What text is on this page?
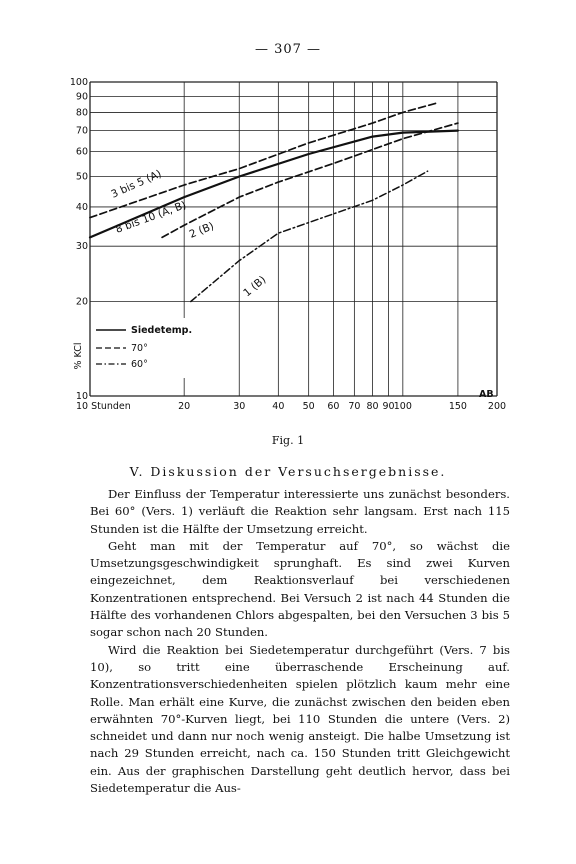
— 307 —
10 Stunden	20	30	40 50 60 70 80 90 100	150 200
10
20
30
40
50
60
70
80
90
100
3 bis 5 (A)
8 bis 10 (A, B) 2 (B)
1 (B)
Siedetemp.
70°
60°
% KCl
AB
Fig. 1
V. Diskussion der Versuchsergebnisse.

Der Einfluss der Temperatur interessierte uns zunächst besonders. Bei 60° (Vers. 1) verläuft die Reaktion sehr langsam. Erst nach 115 Stunden ist die Hälfte der Umsetzung erreicht.

Geht man mit der Temperatur auf 70°, so wächst die Umsetzungsgeschwindigkeit sprunghaft. Es sind zwei Kurven eingezeichnet, dem Reaktionsverlauf bei verschiedenen Konzentrationen entsprechend. Bei Versuch 2 ist nach 44 Stunden die Hälfte des vorhandenen Chlors abgespalten, bei den Versuchen 3 bis 5 sogar schon nach 20 Stunden.

Wird die Reaktion bei Siedetemperatur durchgeführt (Vers. 7 bis 10), so tritt eine überraschende Erscheinung auf. Konzentrationsverschiedenheiten spielen plötzlich kaum mehr eine Rolle. Man erhält eine Kurve, die zunächst zwischen den beiden eben erwähnten 70°-Kurven liegt, bei 110 Stunden die untere (Vers. 2) schneidet und dann nur noch wenig ansteigt. Die halbe Umsetzung ist nach 29 Stunden erreicht, nach ca. 150 Stunden tritt Gleichgewicht ein. Aus der graphischen Darstellung geht deutlich hervor, dass bei Siedetemperatur die Aus-
